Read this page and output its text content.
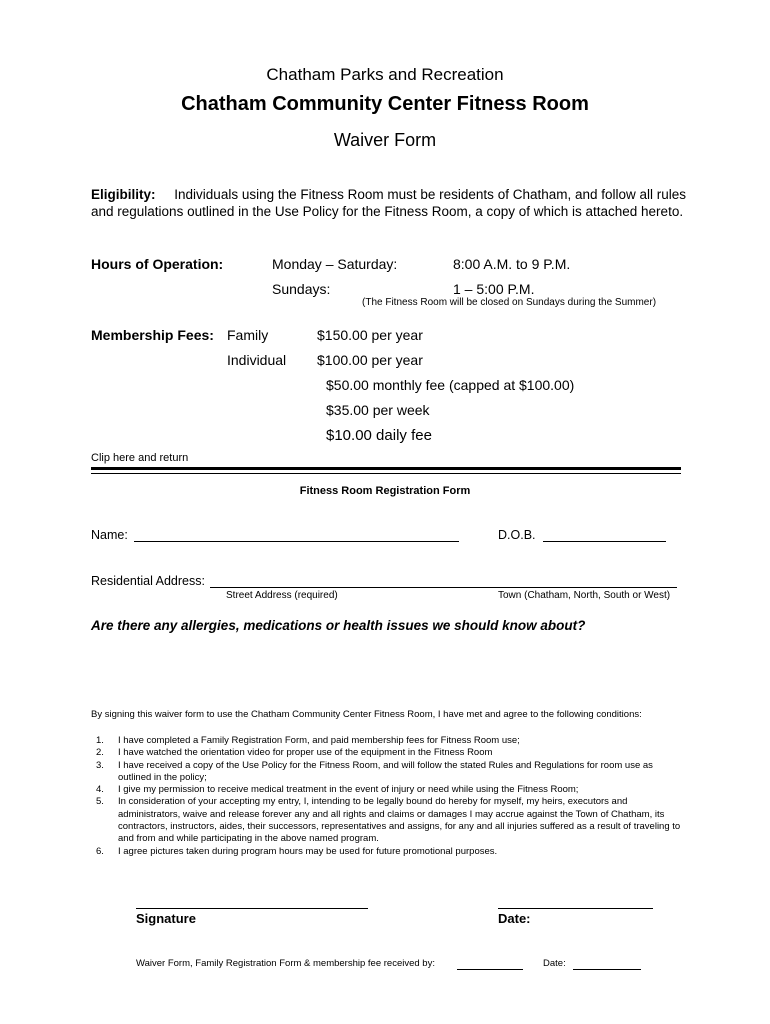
Chatham Parks and Recreation
Chatham Community Center Fitness Room
Waiver Form
Eligibility: Individuals using the Fitness Room must be residents of Chatham, and follow all rules and regulations outlined in the Use Policy for the Fitness Room, a copy of which is attached hereto.
Hours of Operation:	Monday – Saturday:	8:00 A.M. to 9 P.M.
Sundays:	1 – 5:00 P.M.
(The Fitness Room will be closed on Sundays during the Summer)
Membership Fees: Family	$150.00 per year
Individual $100.00 per year
$50.00 monthly fee (capped at $100.00)
$35.00 per week
$10.00 daily fee
Clip here and return
Fitness Room Registration Form
Name:	D.O.B.
Residential Address:
Street Address (required)	Town (Chatham, North, South or West)
Are there any allergies, medications or health issues we should know about?
By signing this waiver form to use the Chatham Community Center Fitness Room, I have met and agree to the following conditions:
1. I have completed a Family Registration Form, and paid membership fees for Fitness Room use;
2. I have watched the orientation video for proper use of the equipment in the Fitness Room
3. I have received a copy of the Use Policy for the Fitness Room, and will follow the stated Rules and Regulations for room use as outlined in the policy;
4. I give my permission to receive medical treatment in the event of injury or need while using the Fitness Room;
5. In consideration of your accepting my entry, I, intending to be legally bound do hereby for myself, my heirs, executors and administrators, waive and release forever any and all rights and claims or damages I may accrue against the Town of Chatham, its contractors, instructors, aides, their successors, representatives and assigns, for any and all injuries suffered as a result of traveling to and from and while participating in the above named program.
6. I agree pictures taken during program hours may be used for future promotional purposes.
Signature	Date:
Waiver Form, Family Registration Form & membership fee received by:	Date:
